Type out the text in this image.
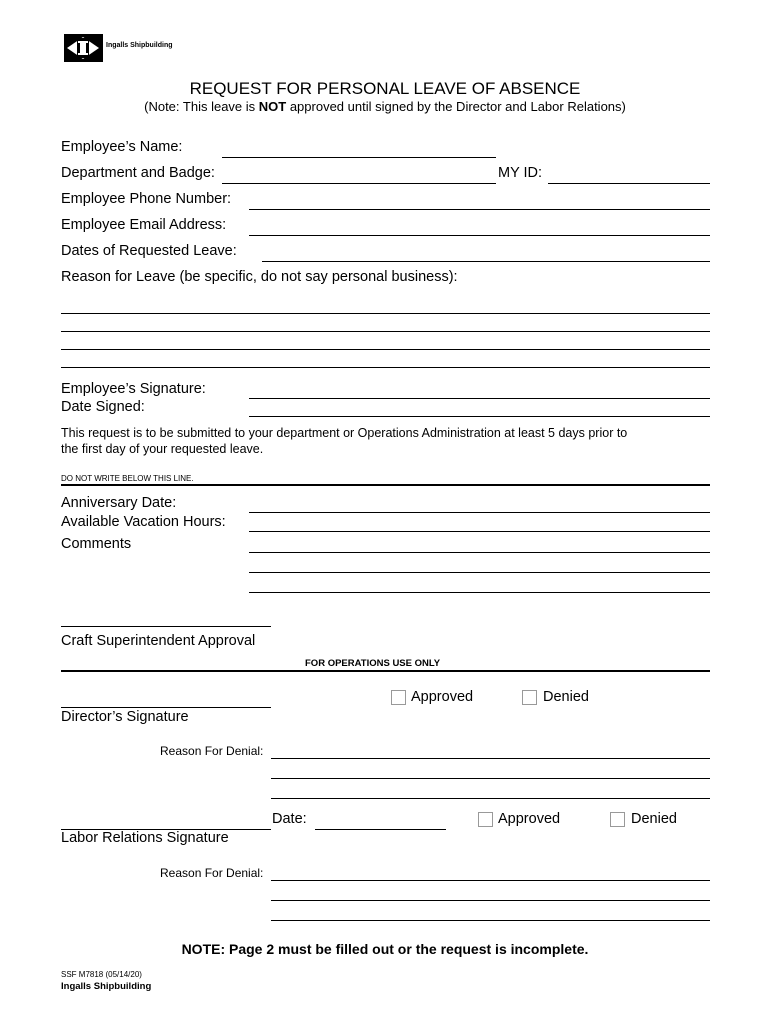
Ingalls Shipbuilding
REQUEST FOR PERSONAL LEAVE OF ABSENCE
(Note: This leave is NOT approved until signed by the Director and Labor Relations)
Employee’s Name:
Department and Badge:	MY ID:
Employee Phone Number:
Employee Email Address:
Dates of Requested Leave:
Reason for Leave (be specific, do not say personal business):
Employee’s Signature:
Date Signed:
This request is to be submitted to your department or Operations Administration at least 5 days prior to
the first day of your requested leave.
DO NOT WRITE BELOW THIS LINE.
Anniversary Date:
Available Vacation Hours:
Comments
Craft Superintendent Approval
FOR OPERATIONS USE ONLY
Approved	Denied
Director’s Signature
Reason For Denial:
Date:	Approved	Denied
Labor Relations Signature
Reason For Denial:
NOTE: Page 2 must be filled out or the request is incomplete.
SSF M7818 (05/14/20)
Ingalls Shipbuilding
